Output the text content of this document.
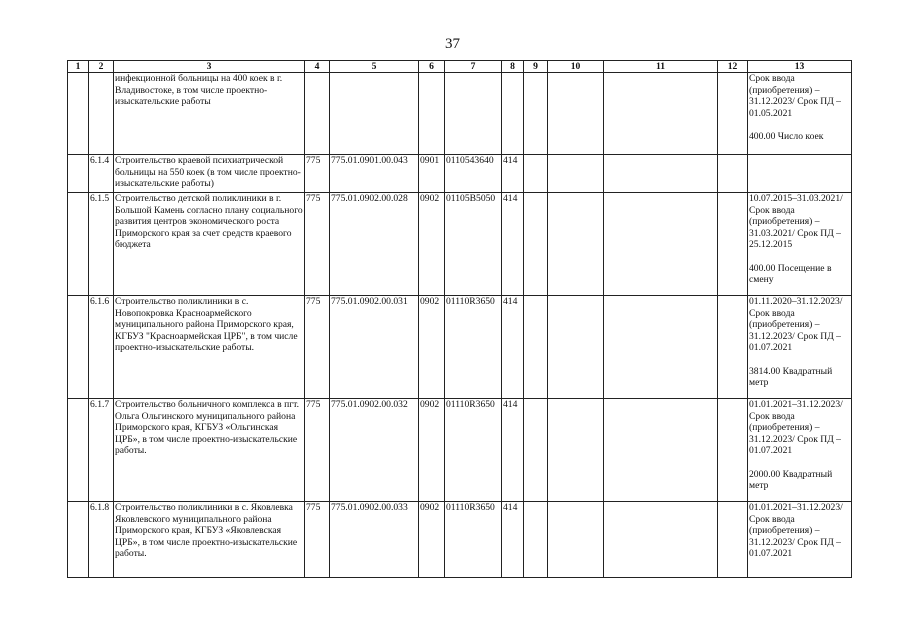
37
1	2	3	4	5	6	7	8	9	10	11	12	13
		инфекционной больницы на 400 коек в г. Владивостоке, в том числе проектно-изыскательские работы										Срок ввода (приобретения) – 31.12.2023/ Срок ПД – 01.05.2021
400.00 Число коек

	6.1.4	Строительство краевой психиатрической больницы на 550 коек (в том числе проектно-изыскательские работы)	775	775.01.0901.00.043	0901	0110543640	414					

	6.1.5	Строительство детской поликлиники в г. Большой Камень согласно плану социального развития центров экономического роста Приморского края за счет средств краевого бюджета	775	775.01.0902.00.028	0902	01105B5050	414					10.07.2015–31.03.2021/ Срок ввода (приобретения) – 31.03.2021/ Срок ПД – 25.12.2015
400.00 Посещение в смену

	6.1.6	Строительство поликлиники в с. Новопокровка Красноармейского муниципального района Приморского края, КГБУЗ "Красноармейская ЦРБ", в том числе проектно-изыскательские работы.	775	775.01.0902.00.031	0902	01110R3650	414					01.11.2020–31.12.2023/ Срок ввода (приобретения) – 31.12.2023/ Срок ПД – 01.07.2021
3814.00 Квадратный метр

	6.1.7	Строительство больничного комплекса в пгт. Ольга Ольгинского муниципального района Приморского края, КГБУЗ «Ольгинская ЦРБ», в том числе проектно-изыскательские работы.	775	775.01.0902.00.032	0902	01110R3650	414					01.01.2021–31.12.2023/ Срок ввода (приобретения) – 31.12.2023/ Срок ПД – 01.07.2021
2000.00 Квадратный метр

	6.1.8	Строительство поликлиники в с. Яковлевка Яковлевского муниципального района Приморского края, КГБУЗ «Яковлевская ЦРБ», в том числе проектно-изыскательские работы.	775	775.01.0902.00.033	0902	01110R3650	414					01.01.2021–31.12.2023/ Срок ввода (приобретения) – 31.12.2023/ Срок ПД – 01.07.2021
